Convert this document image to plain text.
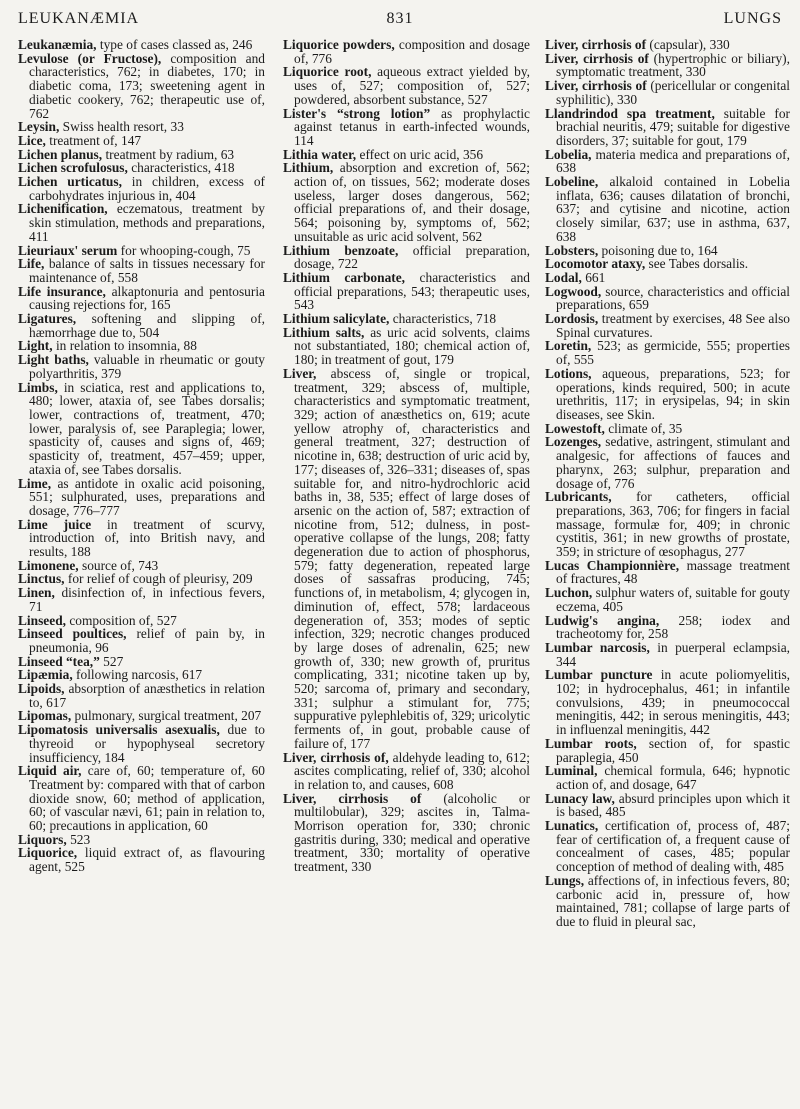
LEUKANÆMIA	831	LUNGS

Leukanæmia, type of cases classed as, 246

Levulose (or Fructose), composition and characteristics, 762; in diabetes, 170; in diabetic coma, 173; sweetening agent in diabetic cookery, 762; therapeutic use of, 762

Leysin, Swiss health resort, 33

Lice, treatment of, 147

Lichen planus, treatment by radium, 63

Lichen scrofulosus, characteristics, 418

Lichen urticatus, in children, excess of carbohydrates injurious in, 404

Lichenification, eczematous, treatment by skin stimulation, methods and preparations, 411

Lieuriaux' serum for whooping-cough, 75

Life, balance of salts in tissues necessary for maintenance of, 558

Life insurance, alkaptonuria and pentosuria causing rejections for, 165

Ligatures, softening and slipping of, hæmorrhage due to, 504

Light, in relation to insomnia, 88

Light baths, valuable in rheumatic or gouty polyarthritis, 379

Limbs, in sciatica, rest and applications to, 480; lower, ataxia of, see Tabes dorsalis; lower, contractions of, treatment, 470; lower, paralysis of, see Paraplegia; lower, spasticity of, causes and signs of, 469; spasticity of, treatment, 457–459; upper, ataxia of, see Tabes dorsalis.

Lime, as antidote in oxalic acid poisoning, 551; sulphurated, uses, preparations and dosage, 776–777

Lime juice in treatment of scurvy, introduction of, into British navy, and results, 188

Limonene, source of, 743

Linctus, for relief of cough of pleurisy, 209

Linen, disinfection of, in infectious fevers, 71

Linseed, composition of, 527

Linseed poultices, relief of pain by, in pneumonia, 96

Linseed “tea,” 527

Lipæmia, following narcosis, 617

Lipoids, absorption of anæsthetics in relation to, 617

Lipomas, pulmonary, surgical treatment, 207

Lipomatosis universalis asexualis, due to thyreoid or hypophyseal secretory insufficiency, 184

Liquid air, care of, 60; temperature of, 60 Treatment by: compared with that of carbon dioxide snow, 60; method of application, 60; of vascular nævi, 61; pain in relation to, 60; precautions in application, 60

Liquors, 523

Liquorice, liquid extract of, as flavouring agent, 525

Liquorice powders, composition and dosage of, 776

Liquorice root, aqueous extract yielded by, uses of, 527; composition of, 527; powdered, absorbent substance, 527

Lister's “strong lotion” as prophylactic against tetanus in earth-infected wounds, 114

Lithia water, effect on uric acid, 356

Lithium, absorption and excretion of, 562; action of, on tissues, 562; moderate doses useless, larger doses dangerous, 562; official preparations of, and their dosage, 564; poisoning by, symptoms of, 562; unsuitable as uric acid solvent, 562

Lithium benzoate, official preparation, dosage, 722

Lithium carbonate, characteristics and official preparations, 543; therapeutic uses, 543

Lithium salicylate, characteristics, 718

Lithium salts, as uric acid solvents, claims not substantiated, 180; chemical action of, 180; in treatment of gout, 179

Liver, abscess of, single or tropical, treatment, 329; abscess of, multiple, characteristics and symptomatic treatment, 329; action of anæsthetics on, 619; acute yellow atrophy of, characteristics and general treatment, 327; destruction of nicotine in, 638; destruction of uric acid by, 177; diseases of, 326–331; diseases of, spas suitable for, and nitro-hydrochloric acid baths in, 38, 535; effect of large doses of arsenic on the action of, 587; extraction of nicotine from, 512; dulness, in post-operative collapse of the lungs, 208; fatty degeneration due to action of phosphorus, 579; fatty degeneration, repeated large doses of sassafras producing, 745; functions of, in metabolism, 4; glycogen in, diminution of, effect, 578; lardaceous degeneration of, 353; modes of septic infection, 329; necrotic changes produced by large doses of adrenalin, 625; new growth of, 330; new growth of, pruritus complicating, 331; nicotine taken up by, 520; sarcoma of, primary and secondary, 331; sulphur a stimulant for, 775; suppurative pylephlebitis of, 329; uricolytic ferments of, in gout, probable cause of failure of, 177

Liver, cirrhosis of, aldehyde leading to, 612; ascites complicating, relief of, 330; alcohol in relation to, and causes, 608

Liver, cirrhosis of (alcoholic or multilobular), 329; ascites in, Talma-Morrison operation for, 330; chronic gastritis during, 330; medical and operative treatment, 330; mortality of operative treatment, 330

Liver, cirrhosis of (capsular), 330

Liver, cirrhosis of (hypertrophic or biliary), symptomatic treatment, 330

Liver, cirrhosis of (pericellular or congenital syphilitic), 330

Llandrindod spa treatment, suitable for brachial neuritis, 479; suitable for digestive disorders, 37; suitable for gout, 179

Lobelia, materia medica and preparations of, 638

Lobeline, alkaloid contained in Lobelia inflata, 636; causes dilatation of bronchi, 637; and cytisine and nicotine, action closely similar, 637; use in asthma, 637, 638

Lobsters, poisoning due to, 164

Locomotor ataxy, see Tabes dorsalis.

Lodal, 661

Logwood, source, characteristics and official preparations, 659

Lordosis, treatment by exercises, 48 See also Spinal curvatures.

Loretin, 523; as germicide, 555; properties of, 555

Lotions, aqueous, preparations, 523; for operations, kinds required, 500; in acute urethritis, 117; in erysipelas, 94; in skin diseases, see Skin.

Lowestoft, climate of, 35

Lozenges, sedative, astringent, stimulant and analgesic, for affections of fauces and pharynx, 263; sulphur, preparation and dosage of, 776

Lubricants, for catheters, official preparations, 363, 706; for fingers in facial massage, formulæ for, 409; in chronic cystitis, 361; in new growths of prostate, 359; in stricture of œsophagus, 277

Lucas Championnière, massage treatment of fractures, 48

Luchon, sulphur waters of, suitable for gouty eczema, 405

Ludwig's angina, 258; iodex and tracheotomy for, 258

Lumbar narcosis, in puerperal eclampsia, 344

Lumbar puncture in acute poliomyelitis, 102; in hydrocephalus, 461; in infantile convulsions, 439; in pneumococcal meningitis, 442; in serous meningitis, 443; in influenzal meningitis, 442

Lumbar roots, section of, for spastic paraplegia, 450

Luminal, chemical formula, 646; hypnotic action of, and dosage, 647

Lunacy law, absurd principles upon which it is based, 485

Lunatics, certification of, process of, 487; fear of certification of, a frequent cause of concealment of cases, 485; popular conception of method of dealing with, 485

Lungs, affections of, in infectious fevers, 80; carbonic acid in, pressure of, how maintained, 781; collapse of large parts of due to fluid in pleural sac,
